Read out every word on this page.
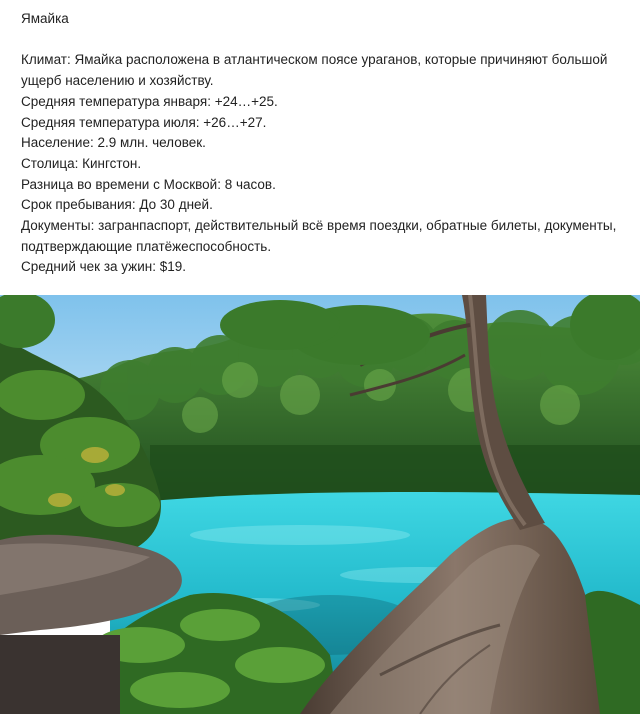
Ямайка
Климат: Ямайка расположена в атлантическом поясе ураганов, которые причиняют большой ущерб населению и хозяйству.
Средняя температура января: +24…+25.
Средняя температура июля: +26…+27.
Население: 2.9 млн. человек.
Столица: Кингстон.
Разница во времени с Москвой: 8 часов.
Срок пребывания: До 30 дней.
Документы: загранпаспорт, действительный всё время поездки, обратные билеты, документы, подтверждающие платёжеспособность.
Средний чек за ужин: $19.
